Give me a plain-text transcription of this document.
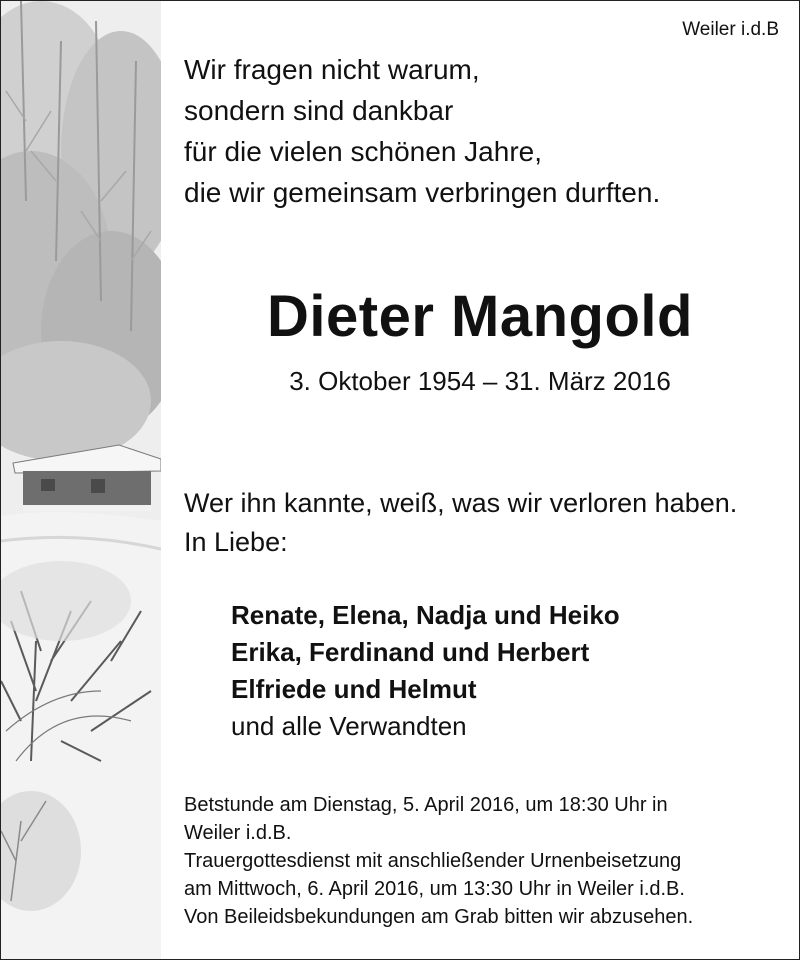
Weiler i.d.B
Wir fragen nicht warum,
sondern sind dankbar
für die vielen schönen Jahre,
die wir gemeinsam verbringen durften.
Dieter Mangold
3. Oktober 1954 – 31. März 2016
Wer ihn kannte, weiß, was wir verloren haben.
In Liebe:
Renate, Elena, Nadja und Heiko
Erika, Ferdinand und Herbert
Elfriede und Helmut
und alle Verwandten
Betstunde am Dienstag, 5. April 2016, um 18:30 Uhr in
Weiler i.d.B.
Trauergottesdienst mit anschließender Urnenbeisetzung
am Mittwoch, 6. April 2016, um 13:30 Uhr in Weiler i.d.B.
Von Beileidsbekundungen am Grab bitten wir abzusehen.
